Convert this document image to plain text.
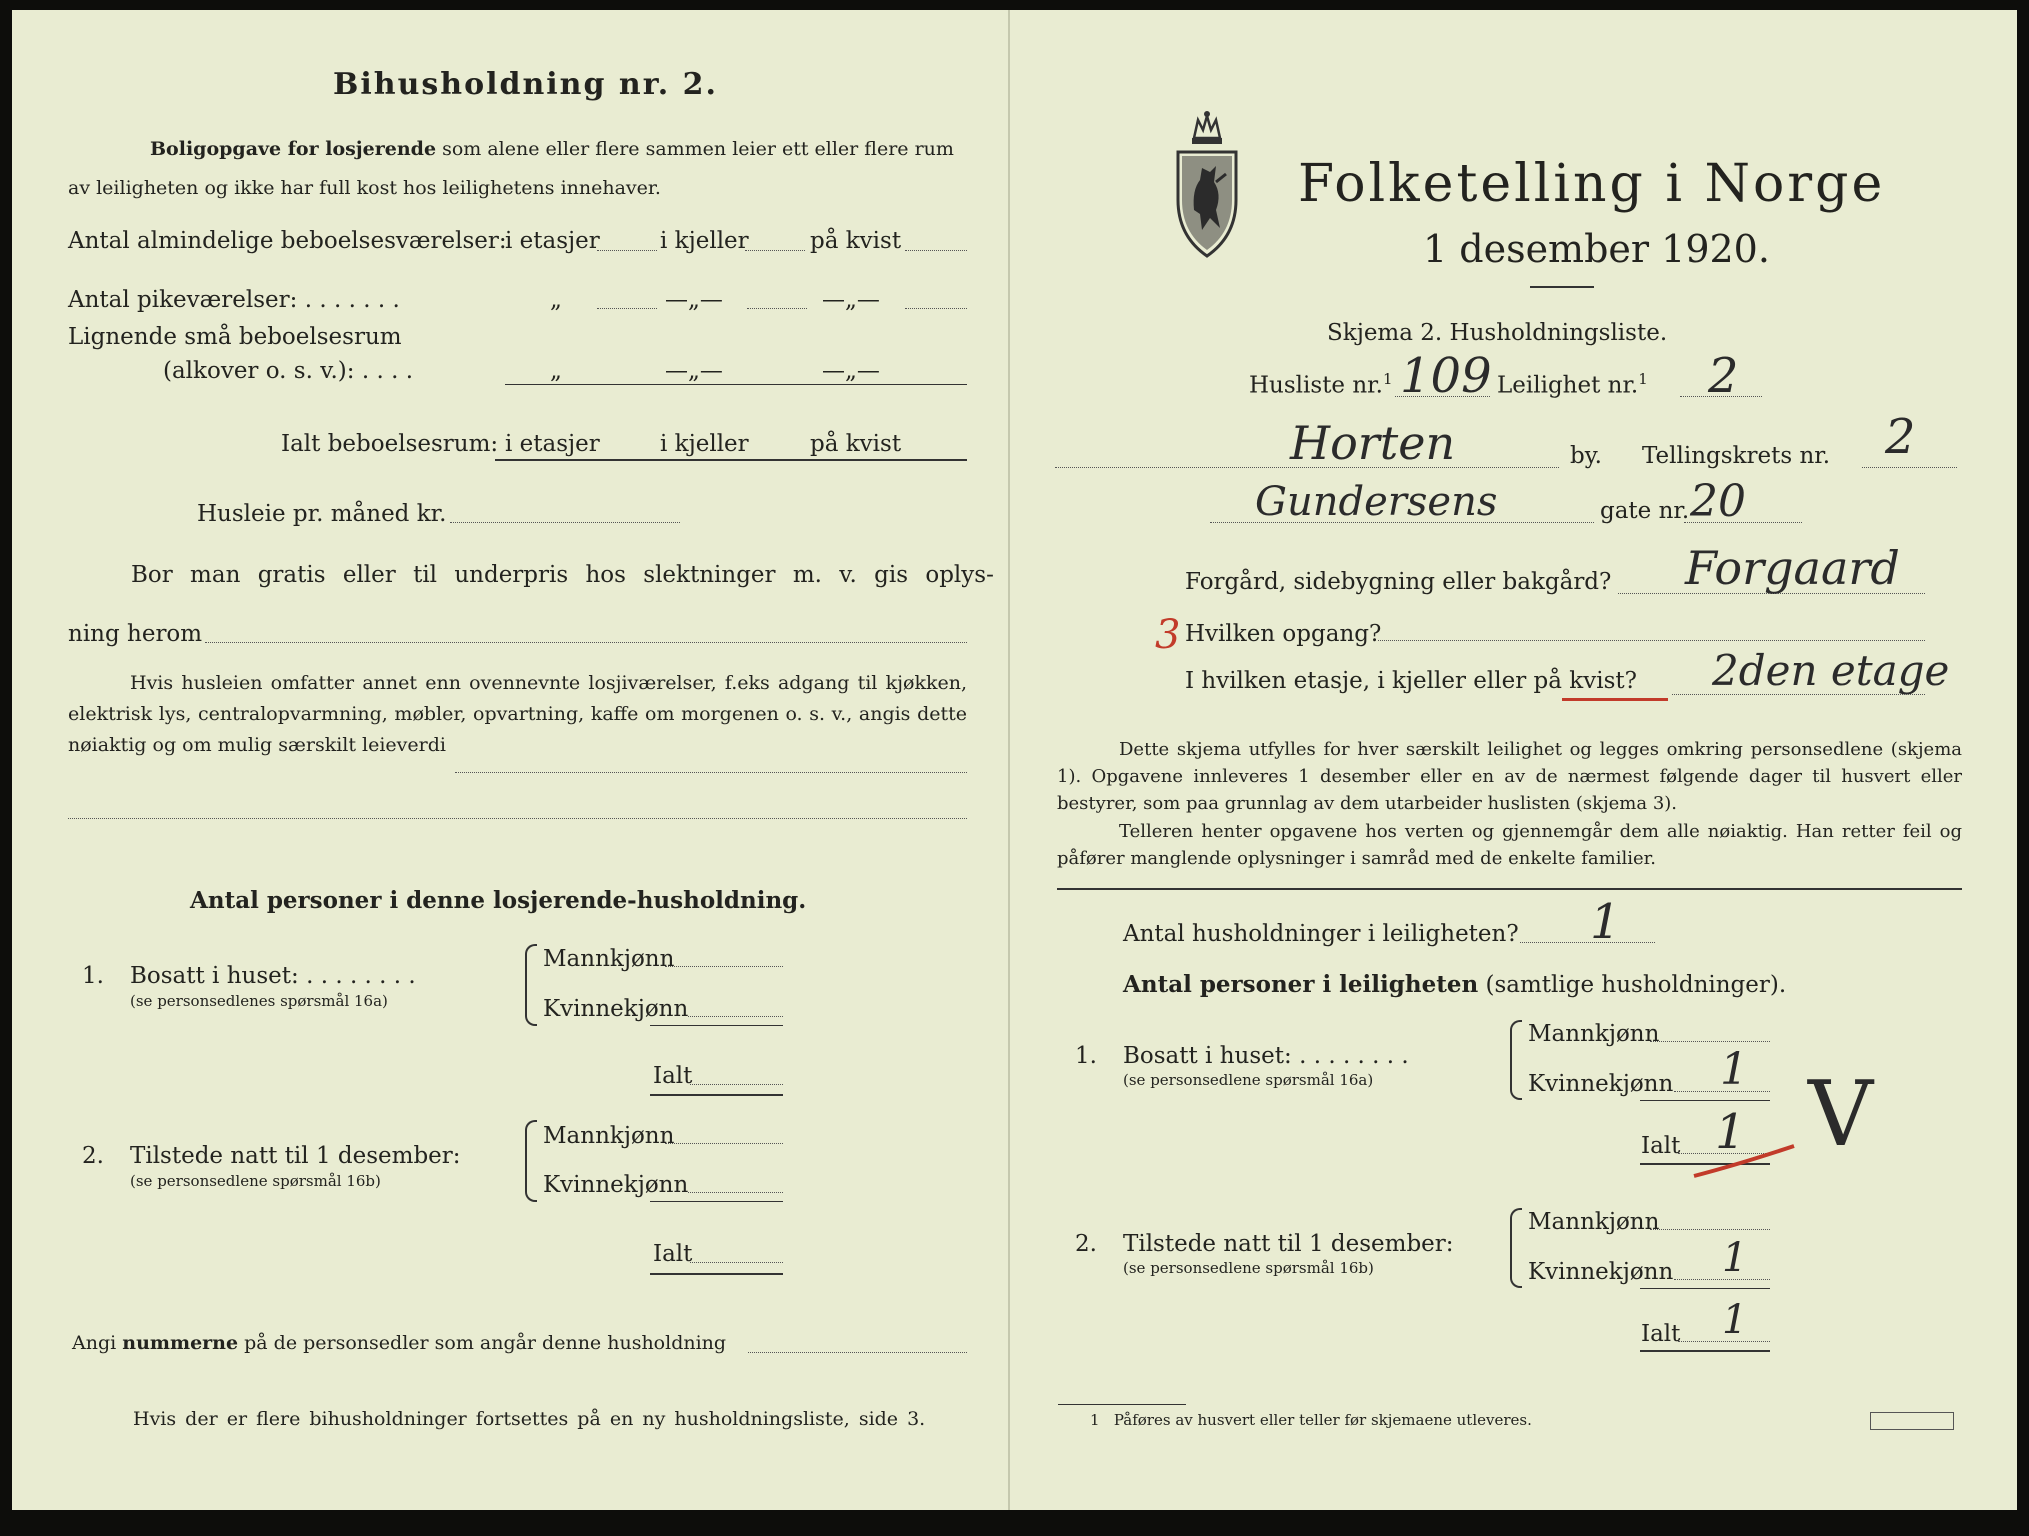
Bihusholdning nr. 2.
Boligopgave for losjerende som alene eller flere sammen leier ett eller flere rum
av leiligheten og ikke har full kost hos leilighetens innehaver.
Antal almindelige beboelsesværelser:
i etasjer	i kjeller	på kvist
Antal pikeværelser: . . . . . . .	„	—„—	—„—
Lignende små beboelsesrum
(alkover o. s. v.): . . . .	„	—„—	—„—
Ialt beboelsesrum: i etasjer	i kjeller	på kvist
Husleie pr. måned kr.
Bor man gratis eller til underpris hos slektninger m. v. gis oplys-
ning herom
Hvis husleien omfatter annet enn ovennevnte losjiværelser, f.eks adgang til kjøkken, elektrisk lys, centralopvarmning, møbler, opvartning, kaffe om morgenen o. s. v., angis dette nøiaktig og om mulig særskilt leieverdi
Antal personer i denne losjerende-husholdning.
1. Bosatt i huset: . . . . . . . .
(se personsedlenes spørsmål 16a)
Mannkjønn
Kvinnekjønn
Ialt
2. Tilstede natt til 1 desember:
(se personsedlene spørsmål 16b)
Mannkjønn
Kvinnekjønn
Ialt
Angi nummerne på de personsedler som angår denne husholdning
Hvis der er flere bihusholdninger fortsettes på en ny husholdningsliste, side 3.
Folketelling i Norge
1 desember 1920.
Skjema 2. Husholdningsliste.
Husliste nr.$^1$ 109 Leilighet nr.$^1$ 2
Horten	by. Tellingskrets nr. 2
Gundersens	gate nr. 20
Forgård, sidebygning eller bakgård? Forgaard
3 Hvilken opgang?
I hvilken etasje, i kjeller eller på kvist? 2den etage
Dette skjema utfylles for hver særskilt leilighet og legges omkring personsedlene (skjema 1). Opgavene innleveres 1 desember eller en av de nærmest følgende dager til husvert eller bestyrer, som paa grunnlag av dem utarbeider huslisten (skjema 3).
Telleren henter opgavene hos verten og gjennemgår dem alle nøiaktig. Han retter feil og påfører manglende oplysninger i samråd med de enkelte familier.
Antal husholdninger i leiligheten? 1
Antal personer i leiligheten (samtlige husholdninger).
1. Bosatt i huset: . . . . . . . .
(se personsedlene spørsmål 16a)
Mannkjønn
Kvinnekjønn 1
Ialt 1 V
2. Tilstede natt til 1 desember:
(se personsedlene spørsmål 16b)
Mannkjønn
Kvinnekjønn 1
Ialt 1
1 Påføres av husvert eller teller før skjemaene utleveres.
